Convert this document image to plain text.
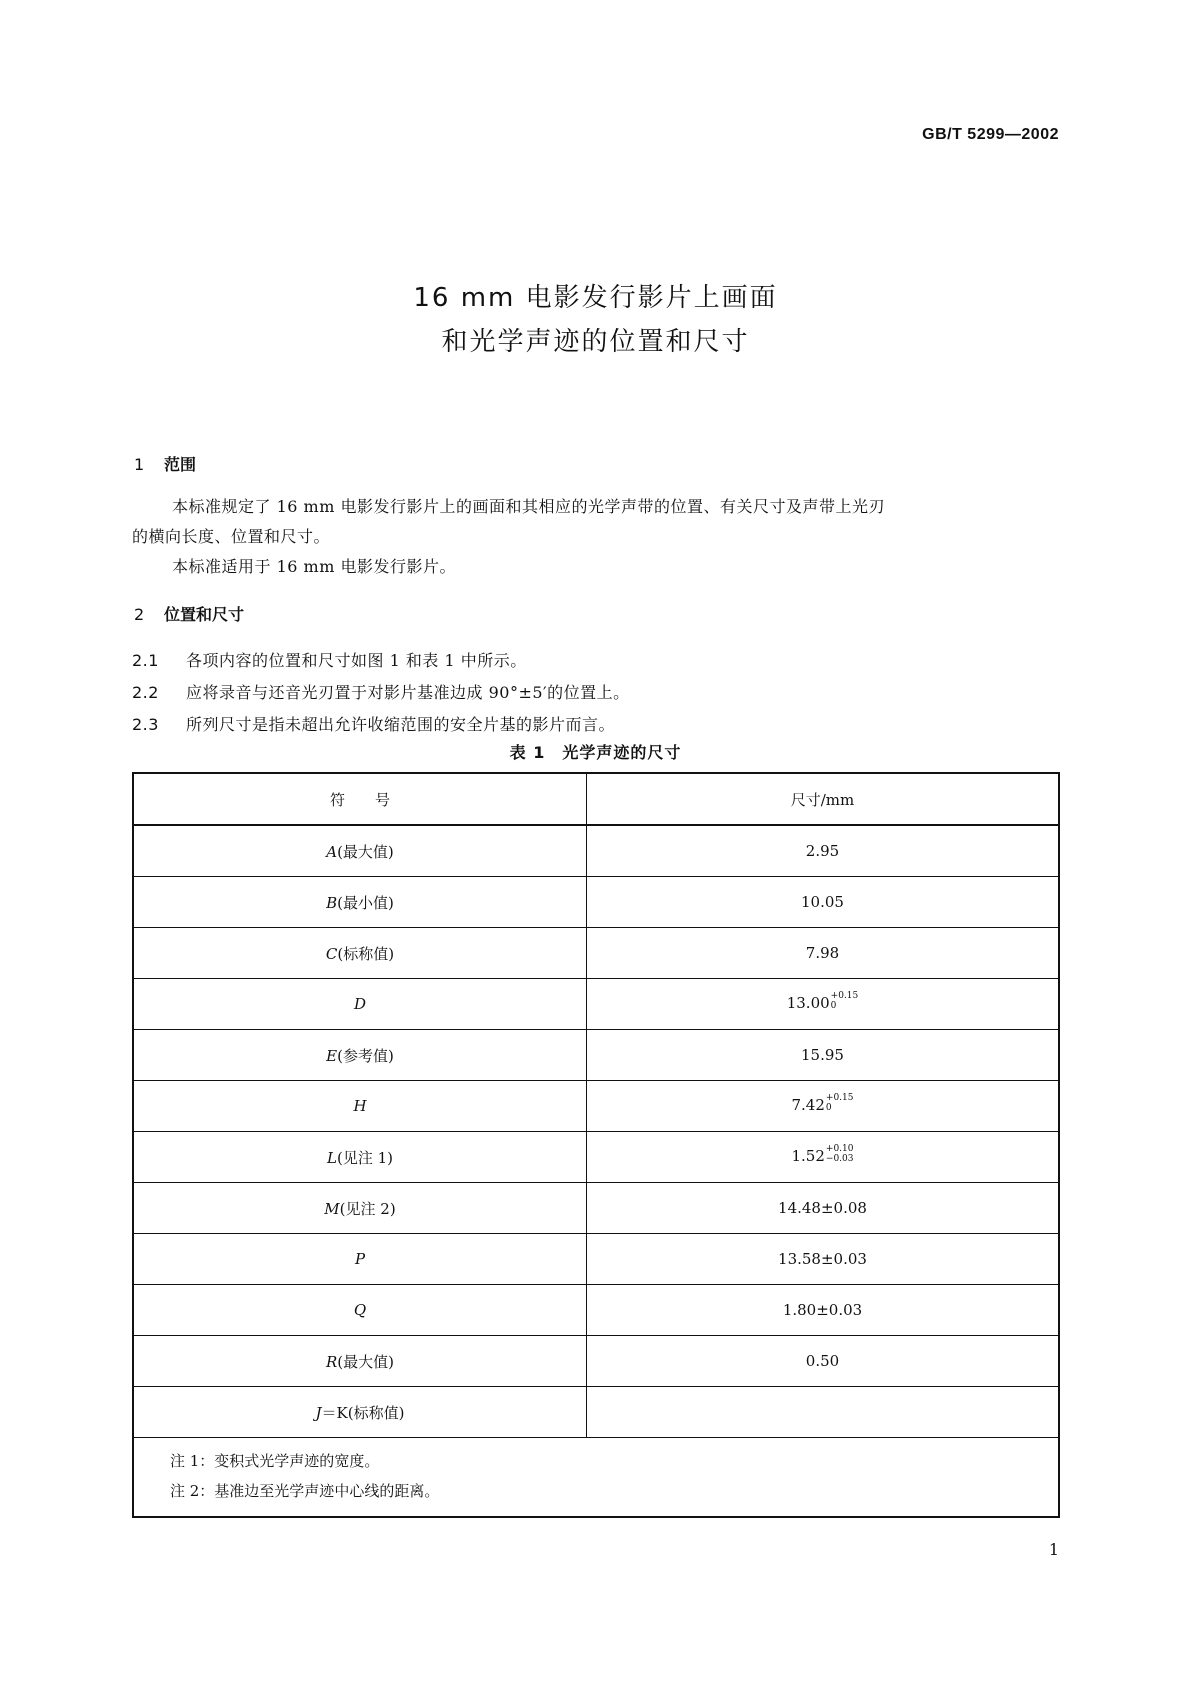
GB/T 5299—2002
16 mm 电影发行影片上画面
和光学声迹的位置和尺寸
1 范围
本标准规定了 16 mm 电影发行影片上的画面和其相应的光学声带的位置、有关尺寸及声带上光刃
的横向长度、位置和尺寸。
本标准适用于 16 mm 电影发行影片。
2 位置和尺寸
2.1 各项内容的位置和尺寸如图 1 和表 1 中所示。
2.2 应将录音与还音光刃置于对影片基准边成 90°±5′的位置上。
2.3 所列尺寸是指未超出允许收缩范围的安全片基的影片而言。
表 1　光学声迹的尺寸
符　　号	尺寸/mm
A(最大值)	2.95
B(最小值)	10.05
C(标称值)	7.98
D	13.00 +0.15
0

E(参考值)	15.95
H	7.42 +0.15
0

L(见注 1)	1.52 +0.10
−0.03

M(见注 2)	14.48±0.08
P	13.58±0.03
Q	1.80±0.03
R(最大值)	0.50
J＝K(标称值)	
注 1：变积式光学声迹的宽度。
注 2：基准边至光学声迹中心线的距离。
1
